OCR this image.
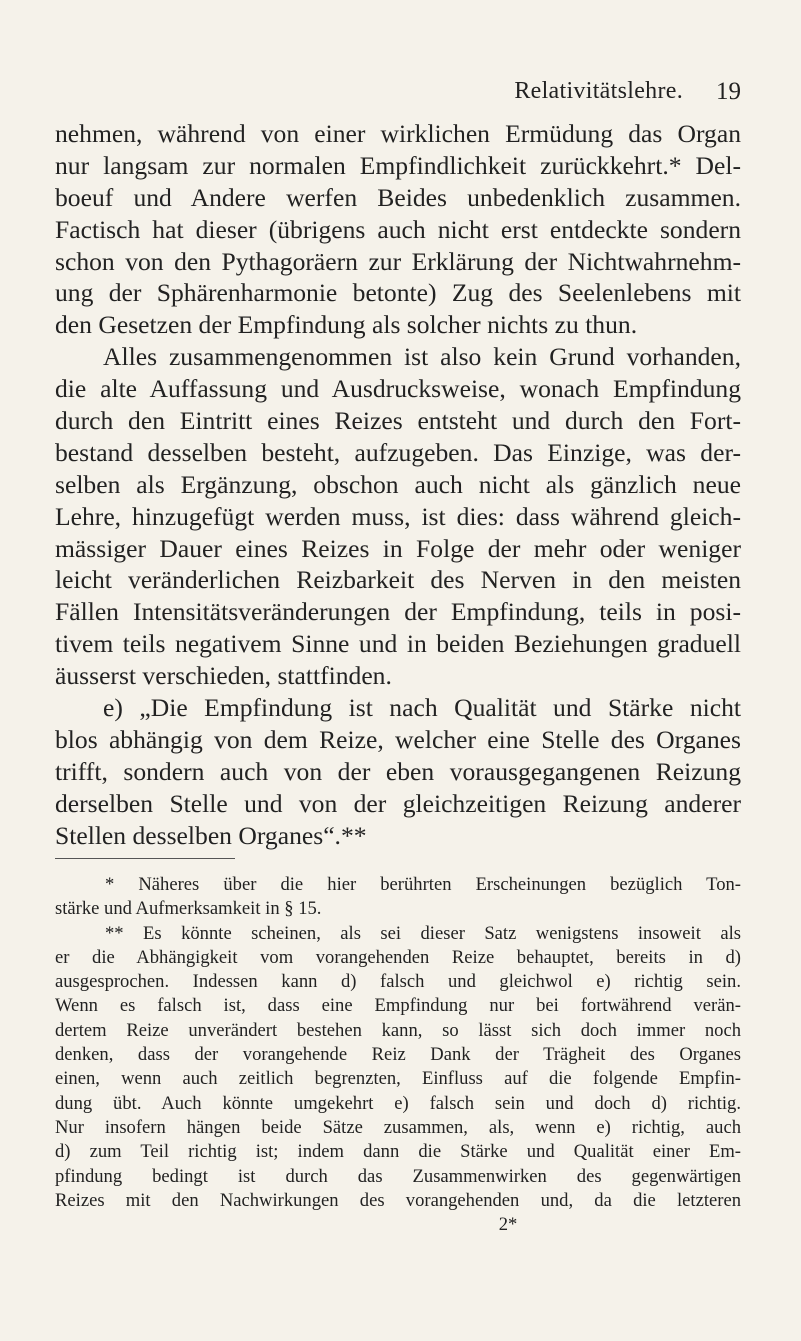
Relativitätslehre. 19
nehmen, während von einer wirklichen Ermüdung das Organ
nur langsam zur normalen Empfindlichkeit zurückkehrt.* Del-
boeuf und Andere werfen Beides unbedenklich zusammen.
Factisch hat dieser (übrigens auch nicht erst entdeckte sondern
schon von den Pythagoräern zur Erklärung der Nichtwahrnehm-
ung der Sphärenharmonie betonte) Zug des Seelenlebens mit
den Gesetzen der Empfindung als solcher nichts zu thun.
Alles zusammengenommen ist also kein Grund vorhanden,
die alte Auffassung und Ausdrucksweise, wonach Empfindung
durch den Eintritt eines Reizes entsteht und durch den Fort-
bestand desselben besteht, aufzugeben. Das Einzige, was der-
selben als Ergänzung, obschon auch nicht als gänzlich neue
Lehre, hinzugefügt werden muss, ist dies: dass während gleich-
mässiger Dauer eines Reizes in Folge der mehr oder weniger
leicht veränderlichen Reizbarkeit des Nerven in den meisten
Fällen Intensitätsveränderungen der Empfindung, teils in posi-
tivem teils negativem Sinne und in beiden Beziehungen graduell
äusserst verschieden, stattfinden.
e) „Die Empfindung ist nach Qualität und Stärke nicht
blos abhängig von dem Reize, welcher eine Stelle des Organes
trifft, sondern auch von der eben vorausgegangenen Reizung
derselben Stelle und von der gleichzeitigen Reizung anderer
Stellen desselben Organes“.**
* Näheres über die hier berührten Erscheinungen bezüglich Ton-
stärke und Aufmerksamkeit in § 15.
** Es könnte scheinen, als sei dieser Satz wenigstens insoweit als
er die Abhängigkeit vom vorangehenden Reize behauptet, bereits in d)
ausgesprochen. Indessen kann d) falsch und gleichwol e) richtig sein.
Wenn es falsch ist, dass eine Empfindung nur bei fortwährend verän-
dertem Reize unverändert bestehen kann, so lässt sich doch immer noch
denken, dass der vorangehende Reiz Dank der Trägheit des Organes
einen, wenn auch zeitlich begrenzten, Einfluss auf die folgende Empfin-
dung übt. Auch könnte umgekehrt e) falsch sein und doch d) richtig.
Nur insofern hängen beide Sätze zusammen, als, wenn e) richtig, auch
d) zum Teil richtig ist; indem dann die Stärke und Qualität einer Em-
pfindung bedingt ist durch das Zusammenwirken des gegenwärtigen
Reizes mit den Nachwirkungen des vorangehenden und, da die letzteren
2*
